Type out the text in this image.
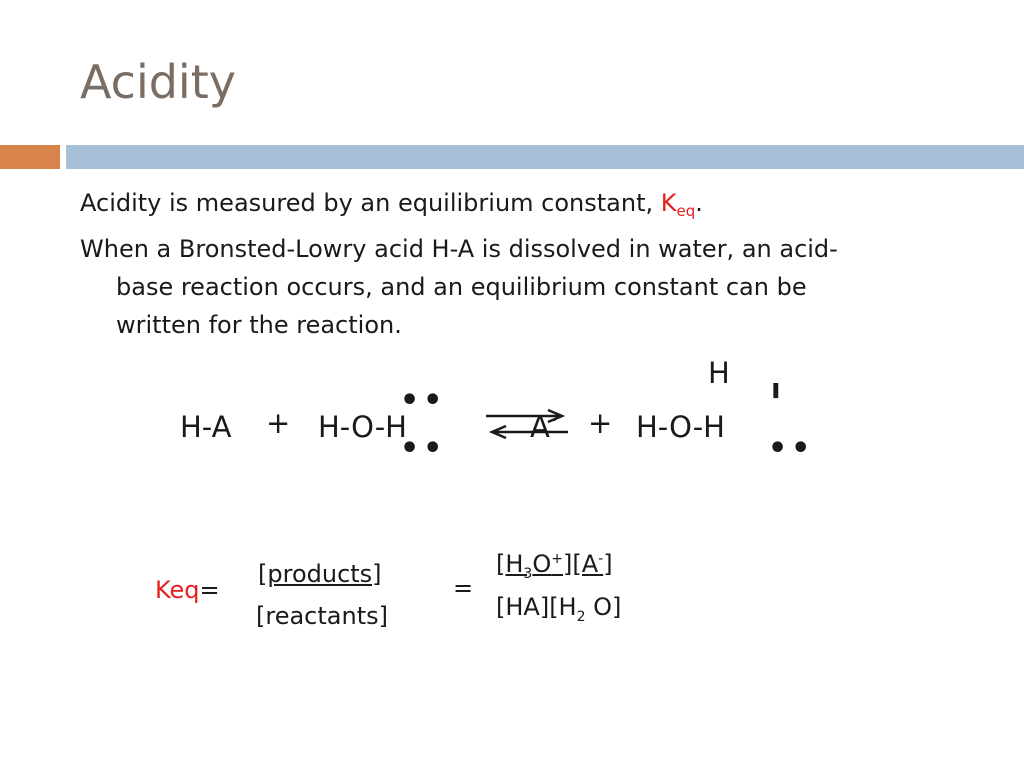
Acidity
Acidity is measured by an equilibrium constant, $K_{eq}$.
When a Bronsted-Lowry acid H-A is dissolved in water, an acid-
base reaction occurs, and an equilibrium constant can be
written for the reaction.
H-A + H-O-H
••
••
A- + H-O-H
H ı
••
Keq=
[products]
[reactants]
=
$[H_3O^+][A^-]$
$[HA][H_2$ O]
